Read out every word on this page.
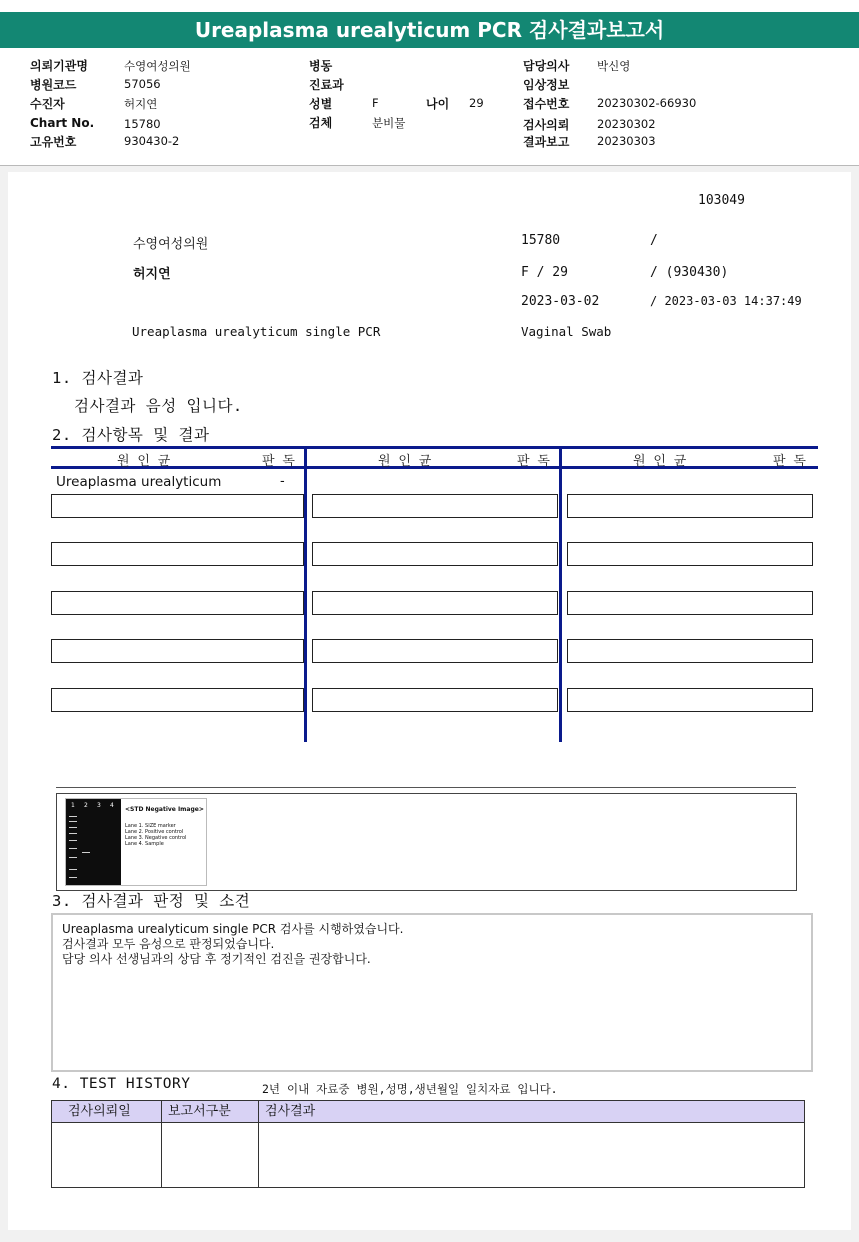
Ureaplasma urealyticum PCR 검사결과보고서
의뢰기관명	수영여성의원
병원코드	57056
수진자	허지연
Chart No.	15780
고유번호	930430-2
병동
진료과
성별	F	나이 29
검체	분비물
담당의사 박신영
임상정보
접수번호 20230302-66930
검사의뢰 20230302
결과보고 20230303
103049
수영여성의원	15780	/
허지연	F / 29	/ (930430)
2023-03-02	/ 2023-03-03 14:37:49
Ureaplasma urealyticum single PCR	Vaginal Swab
1. 검사결과
검사결과 음성 입니다.
2. 검사항목 및 결과
원 인 균	판 독	원 인 균	판 독	원 인 균	판 독
Ureaplasma urealyticum	-
1 2 3 4
<STD Negative Image>
Lane 1. SIZE marker
Lane 2. Positive control
Lane 3. Negative control
Lane 4. Sample
3. 검사결과 판정 및 소견
Ureaplasma urealyticum single PCR 검사를 시행하였습니다.
검사결과 모두 음성으로 판정되었습니다.
담당 의사 선생님과의 상담 후 정기적인 검진을 권장합니다.
4. TEST HISTORY	2년 이내 자료중 병원,성명,생년월일 일치자료 입니다.
검사의뢰일	보고서구분	검사결과
